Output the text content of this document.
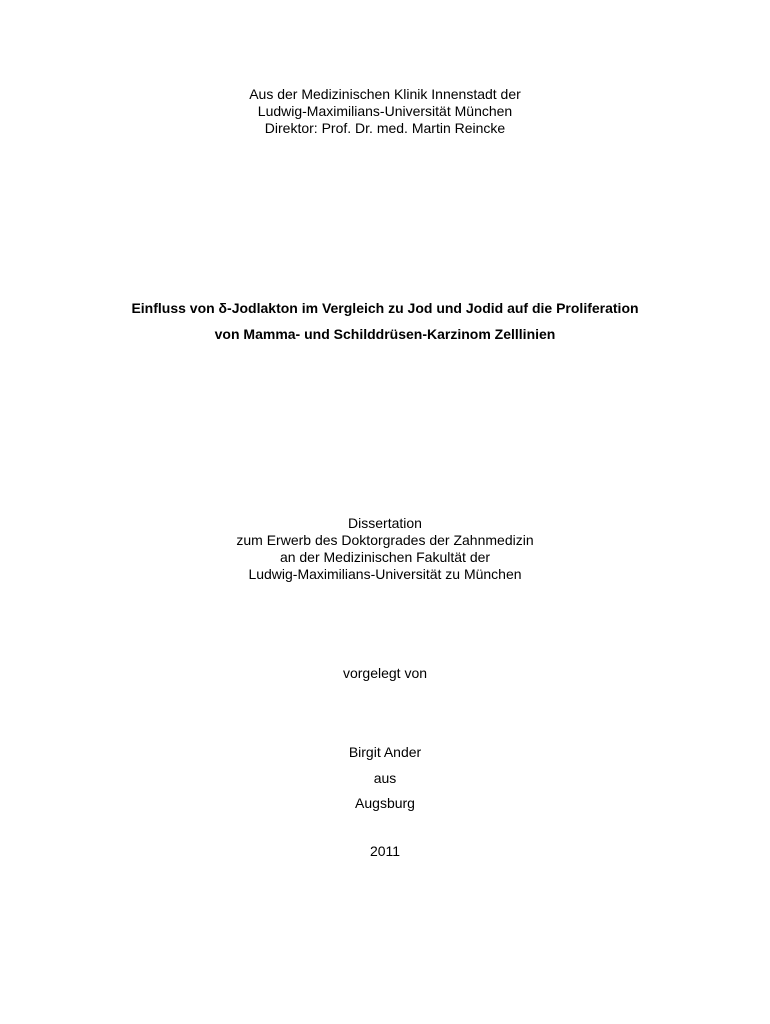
Aus der Medizinischen Klinik Innenstadt der
Ludwig-Maximilians-Universität München
Direktor: Prof. Dr. med. Martin Reincke
Einfluss von δ-Jodlakton im Vergleich zu Jod und Jodid auf die Proliferation
von Mamma- und Schilddrüsen-Karzinom Zelllinien
Dissertation
zum Erwerb des Doktorgrades der Zahnmedizin
an der Medizinischen Fakultät der
Ludwig-Maximilians-Universität zu München
vorgelegt von
Birgit Ander
aus
Augsburg
2011
